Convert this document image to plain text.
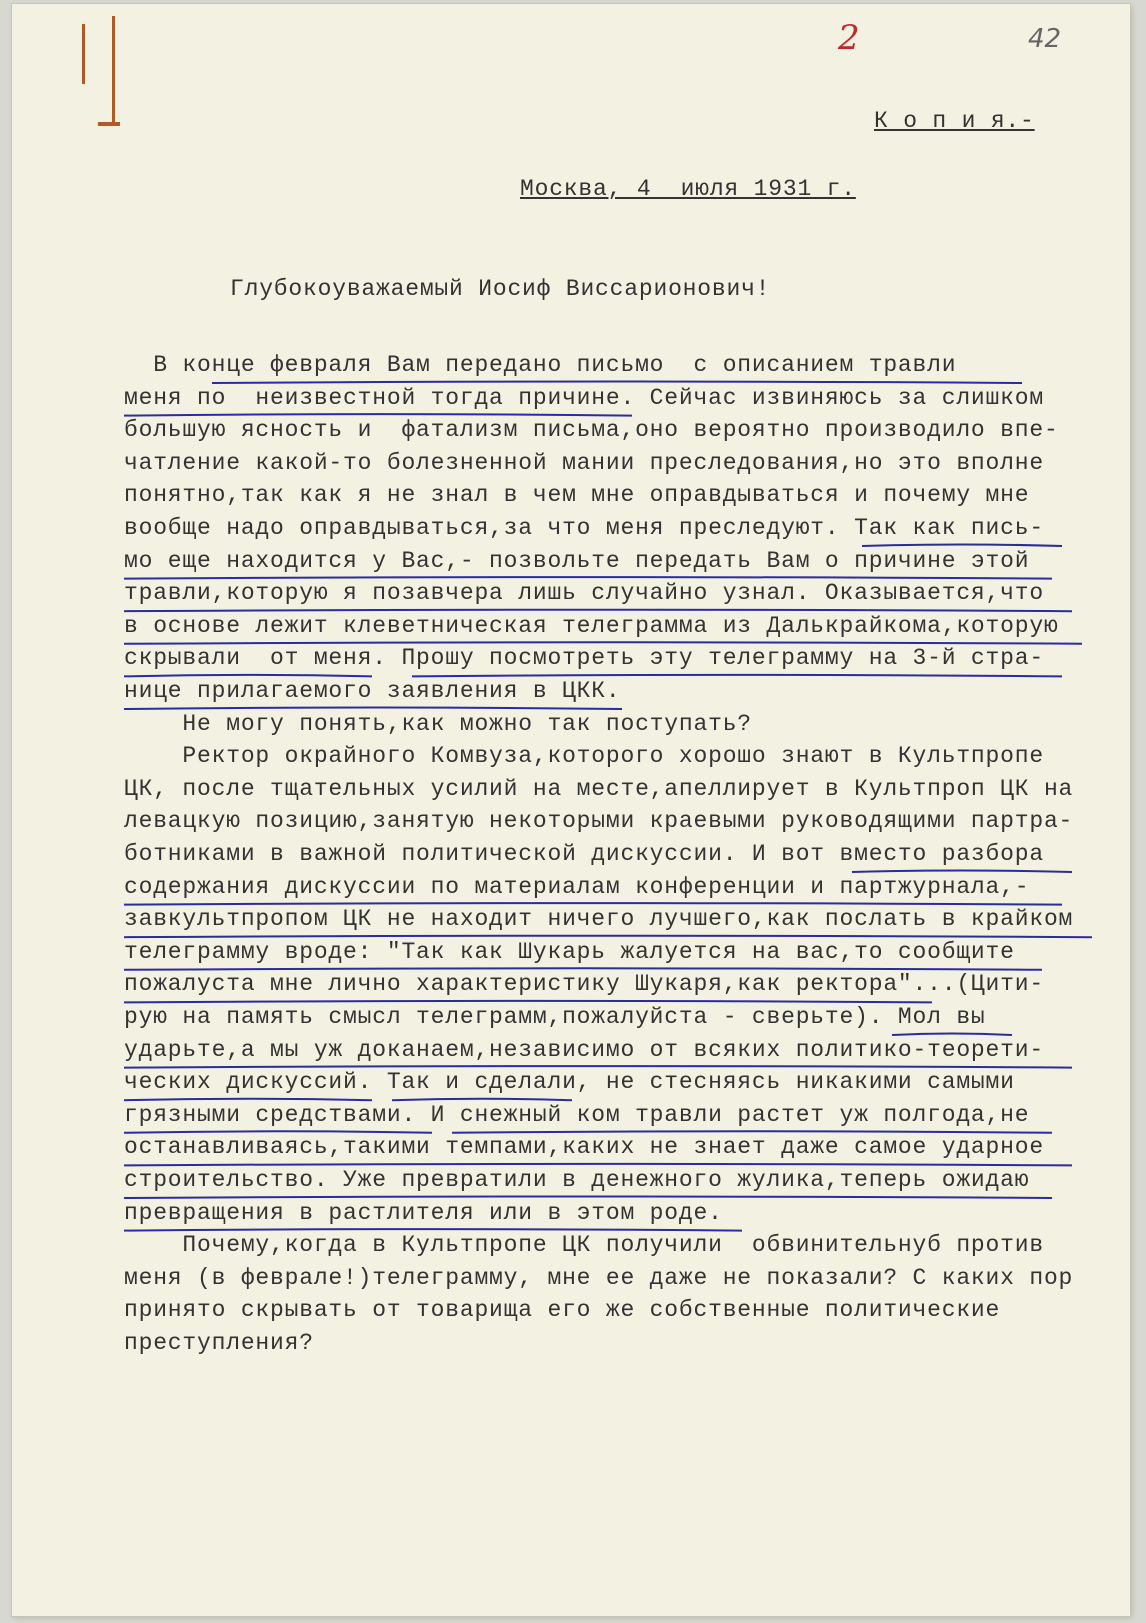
2	42
К о п и я.-
Москва, 4  июля 1931 г.
Глубокоуважаемый Иосиф Виссарионович!
В конце февраля Вам передано письмо  с описанием травли
меня по  неизвестной тогда причине. Сейчас извиняюсь за слишком
большую ясность и  фатализм письма,оно вероятно производило впе-
чатление какой-то болезненной мании преследования,но это вполне
понятно,так как я не знал в чем мне оправдываться и почему мне
вообще надо оправдываться,за что меня преследуют. Так как пись-
мо еще находится у Вас,- позвольте передать Вам о причине этой
травли,которую я позавчера лишь случайно узнал. Оказывается,что
в основе лежит клеветническая телеграмма из Далькрайкома,которую
скрывали  от меня. Прошу посмотреть эту телеграмму на 3-й стра-
нице прилагаемого заявления в ЦКК.
Не могу понять,как можно так поступать?
Ректор окрайного Комвуза,которого хорошо знают в Культпропе
ЦК, после тщательных усилий на месте,апеллирует в Культпроп ЦК на
левацкую позицию,занятую некоторыми краевыми руководящими партра-
ботниками в важной политической дискуссии. И вот вместо разбора
содержания дискуссии по материалам конференции и партжурнала,-
завкультпропом ЦК не находит ничего лучшего,как послать в крайком
телеграмму вроде: "Так как Шукарь жалуется на вас,то сообщите
пожалуста мне лично характеристику Шукаря,как ректора"...(Цити-
рую на память смысл телеграмм,пожалуйста - сверьте). Мол вы
ударьте,а мы уж доканаем,независимо от всяких политико-теорети-
ческих дискуссий. Так и сделали, не стесняясь никакими самыми
грязными средствами. И снежный ком травли растет уж полгода,не
останавливаясь,такими темпами,каких не знает даже самое ударное
строительство. Уже превратили в денежного жулика,теперь ожидаю
превращения в растлителя или в этом роде.
Почему,когда в Культпропе ЦК получили  обвинительнуб против
меня (в феврале!)телеграмму, мне ее даже не показали? С каких пор
принято скрывать от товарища его же собственные политические
преступления?
